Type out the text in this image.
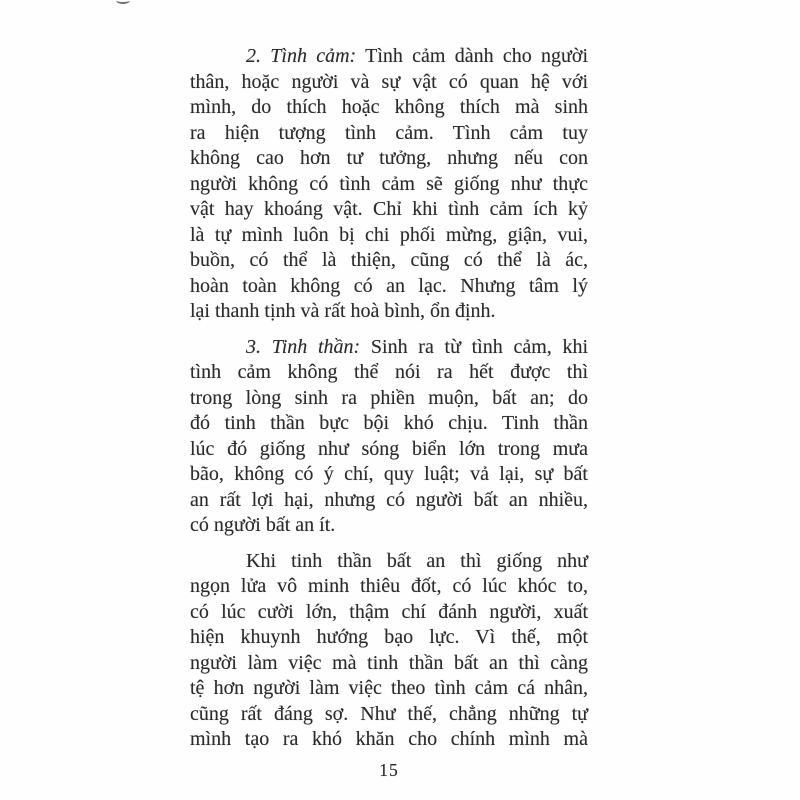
2. Tình cảm: Tình cảm dành cho người
thân, hoặc người và sự vật có quan hệ với
mình, do thích hoặc không thích mà sinh
ra hiện tượng tình cảm. Tình cảm tuy
không cao hơn tư tưởng, nhưng nếu con
người không có tình cảm sẽ giống như thực
vật hay khoáng vật. Chỉ khi tình cảm ích kỷ
là tự mình luôn bị chi phối mừng, giận, vui,
buồn, có thể là thiện, cũng có thể là ác,
hoàn toàn không có an lạc. Nhưng tâm lý
lại thanh tịnh và rất hoà bình, ổn định.
3. Tinh thần: Sinh ra từ tình cảm, khi
tình cảm không thể nói ra hết được thì
trong lòng sinh ra phiền muộn, bất an; do
đó tinh thần bực bội khó chịu. Tinh thần
lúc đó giống như sóng biển lớn trong mưa
bão, không có ý chí, quy luật; vả lại, sự bất
an rất lợi hại, nhưng có người bất an nhiều,
có người bất an ít.
Khi tinh thần bất an thì giống như
ngọn lửa vô minh thiêu đốt, có lúc khóc to,
có lúc cười lớn, thậm chí đánh người, xuất
hiện khuynh hướng bạo lực. Vì thế, một
người làm việc mà tinh thần bất an thì càng
tệ hơn người làm việc theo tình cảm cá nhân,
cũng rất đáng sợ. Như thế, chẳng những tự
mình tạo ra khó khăn cho chính mình mà
15
